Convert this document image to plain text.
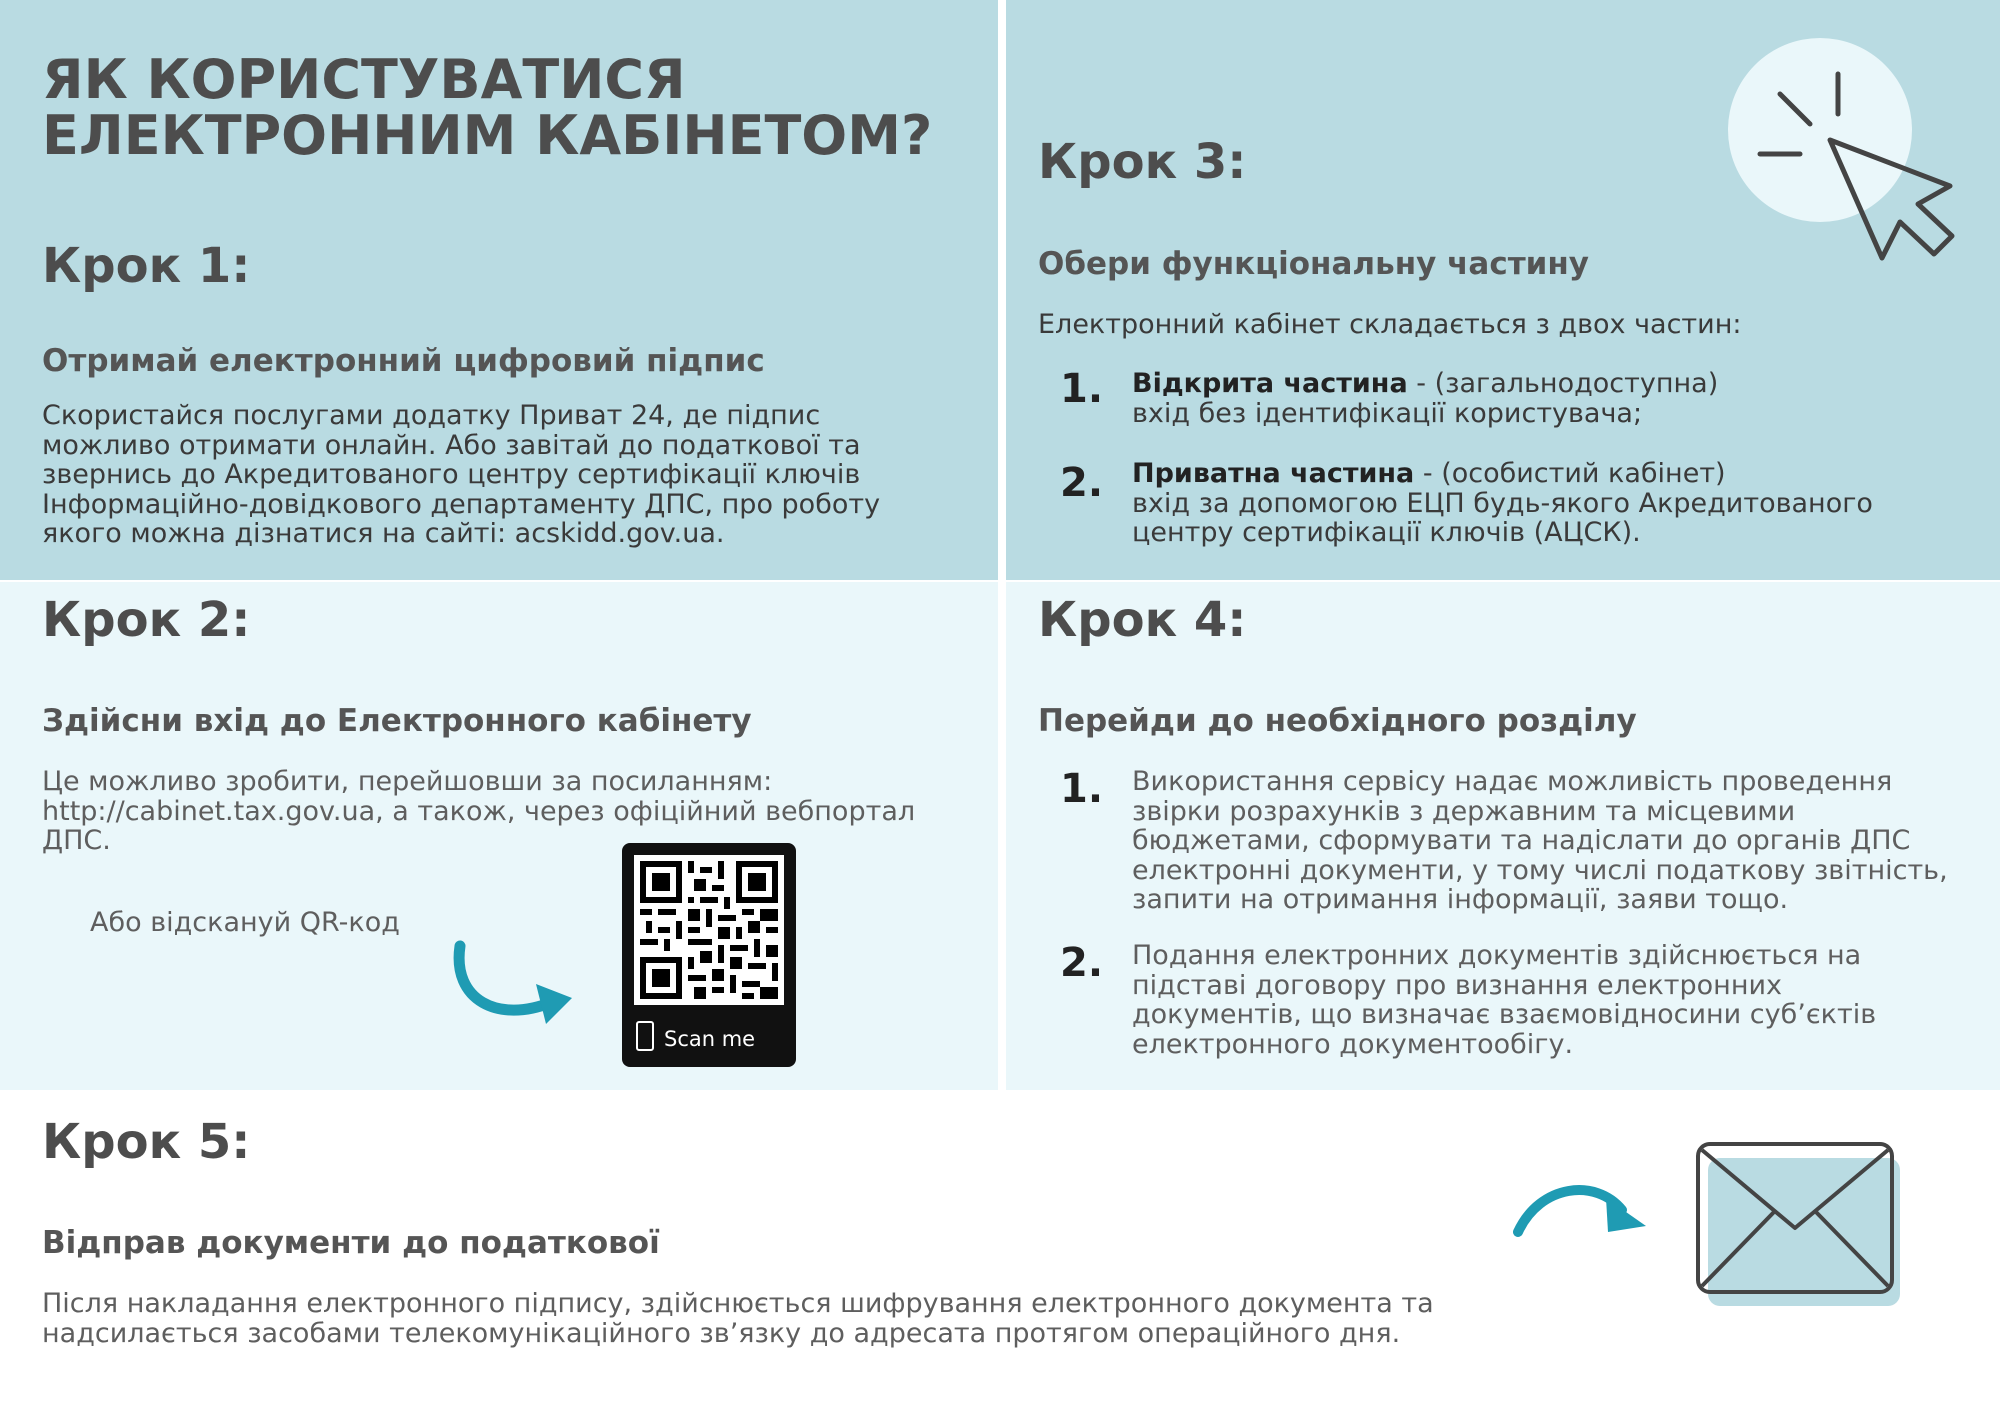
ЯК КОРИСТУВАТИСЯ
ЕЛЕКТРОННИМ КАБІНЕТОМ?
Крок 1:
Отримай електронний цифровий підпис
Скористайся послугами додатку Приват 24, де підпис
можливо отримати онлайн. Або завітай до податкової та
звернись до Акредитованого центру сертифікації ключів
Інформаційно-довідкового департаменту ДПС, про роботу
якого можна дізнатися на сайті: acskidd.gov.ua.
Крок 3:
Обери функціональну частину
Електронний кабінет складається з двох частин:
1. Відкрита частина - (загальнодоступна)
вхід без ідентифікації користувача;
2. Приватна частина - (особистий кабінет)
вхід за допомогою ЕЦП будь-якого Акредитованого
центру сертифікації ключів (АЦСК).
Крок 2:
Здійсни вхід до Електронного кабінету
Це можливо зробити, перейшовши за посиланням:
http://cabinet.tax.gov.ua, а також, через офіційний вебпортал
ДПС.
Або відсканyй QR-код
Scan me
Крок 4:
Перейди до необхідного розділу
1. Використання сервісу надає можливість проведення
звірки розрахунків з державним та місцевими
бюджетами, сформувати та надіслати до органів ДПС
електронні документи, у тому числі податкову звітність,
запити на отримання інформації, заяви тощо.
2. Подання електронних документів здійснюється на
підставі договору про визнання електронних
документів, що визначає взаємовідносини суб’єктів
електронного документообігу.
Крок 5:
Відправ документи до податкової
Після накладання електронного підпису, здійснюється шифрування електронного документа та
надсилається засобами телекомунікаційного зв’язку до адресата протягом операційного дня.
